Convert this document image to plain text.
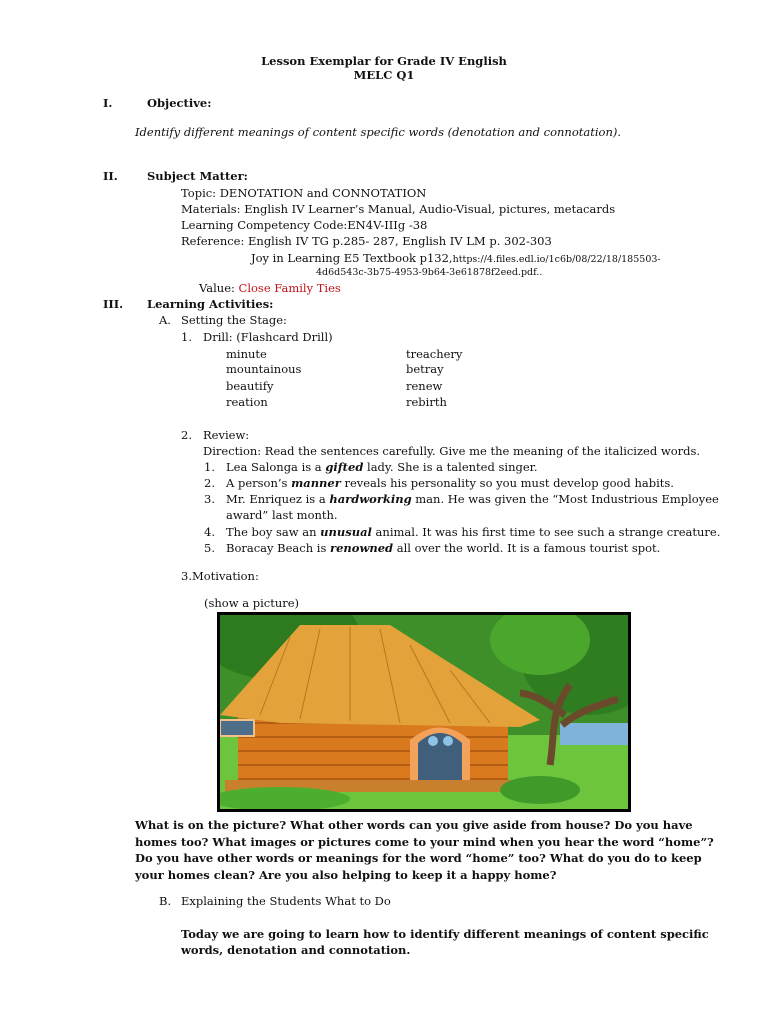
Lesson Exemplar for Grade IV English
MELC Q1
I.	Objective:
Identify different meanings of content specific words (denotation and connotation).
II.	Subject Matter:
Topic: DENOTATION and CONNOTATION
Materials: English IV Learner’s Manual, Audio-Visual, pictures, metacards
Learning Competency Code:EN4V-IIIg -38
Reference: English IV TG p.285- 287, English IV LM p. 302-303
Joy in Learning E5 Textbook p132,https://4.files.edl.io/1c6b/08/22/18/185503-
4d6d543c-3b75-4953-9b64-3e61878f2eed.pdf..
Value: Close Family Ties
III. Learning Activities:
A. Setting the Stage:
1. Drill: (Flashcard Drill)
minute	treachery
mountainous	betray
beautify	renew
reation	rebirth
2. Review:
Direction: Read the sentences carefully. Give me the meaning of the italicized words.
1. Lea Salonga is a gifted lady. She is a talented singer.
2. A person’s manner reveals his personality so you must develop good habits.
3. Mr. Enriquez is a hardworking man. He was given the “Most Industrious Employee
award” last month.
4. The boy saw an unusual animal. It was his first time to see such a strange creature.
5. Boracay Beach is renowned all over the world. It is a famous tourist spot.
3.Motivation:
(show a picture)
What is on the picture? What other words can you give aside from house? Do you have homes too? What images or pictures come to your mind when you hear the word “home”? Do you have other words or meanings for the word “home” too? What do you do to keep your homes clean? Are you also helping to keep it a happy home?
B. Explaining the Students What to Do
Today we are going to learn how to identify different meanings of content specific words, denotation and connotation.
